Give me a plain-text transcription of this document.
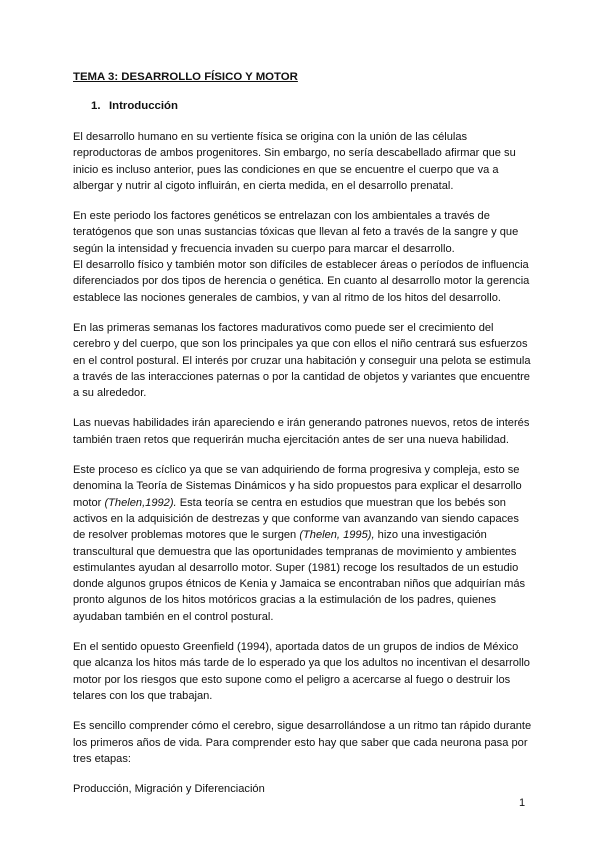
TEMA 3: DESARROLLO FÍSICO Y MOTOR

1. Introducción

El desarrollo humano en su vertiente física se origina con la unión de las células reproductoras de ambos progenitores. Sin embargo, no sería descabellado afirmar que su inicio es incluso anterior, pues las condiciones en que se encuentre el cuerpo que va a albergar y nutrir al cigoto influirán, en cierta medida, en el desarrollo prenatal.

En este periodo los factores genéticos se entrelazan con los ambientales a través de teratógenos que son unas sustancias tóxicas que llevan al feto a través de la sangre y que según la intensidad y frecuencia invaden su cuerpo para marcar el desarrollo.

El desarrollo físico y también motor son difíciles de establecer áreas o períodos de influencia diferenciados por dos tipos de herencia o genética. En cuanto al desarrollo motor la gerencia establece las nociones generales de cambios, y van al ritmo de los hitos del desarrollo.

En las primeras semanas los factores madurativos como puede ser el crecimiento del cerebro y del cuerpo, que son los principales ya que con ellos el niño centrará sus esfuerzos en el control postural. El interés por cruzar una habitación y conseguir una pelota se estimula a través de las interacciones paternas o por la cantidad de objetos y variantes que encuentre a su alrededor.

Las nuevas habilidades irán apareciendo e irán generando patrones nuevos, retos de interés también traen retos que requerirán mucha ejercitación antes de ser una nueva habilidad.

Este proceso es cíclico ya que se van adquiriendo de forma progresiva y compleja, esto se denomina la Teoría de Sistemas Dinámicos y ha sido propuestos para explicar el desarrollo motor (Thelen,1992). Esta teoría se centra en estudios que muestran que los bebés son activos en la adquisición de destrezas y que conforme van avanzando van siendo capaces de resolver problemas motores que le surgen (Thelen, 1995), hizo una investigación transcultural que demuestra que las oportunidades tempranas de movimiento y ambientes estimulantes ayudan al desarrollo motor. Super (1981) recoge los resultados de un estudio donde algunos grupos étnicos de Kenia y Jamaica se encontraban niños que adquirían más pronto algunos de los hitos motóricos gracias a la estimulación de los padres, quienes ayudaban también en el control postural.

En el sentido opuesto Greenfield (1994), aportada datos de un grupos de indios de México que alcanza los hitos más tarde de lo esperado ya que los adultos no incentivan el desarrollo motor por los riesgos que esto supone como el peligro a acercarse al fuego o destruir los telares con los que trabajan.

Es sencillo comprender cómo el cerebro, sigue desarrollándose a un ritmo tan rápido durante los primeros años de vida. Para comprender esto hay que saber que cada neurona pasa por tres etapas:

Producción, Migración y Diferenciación

1
